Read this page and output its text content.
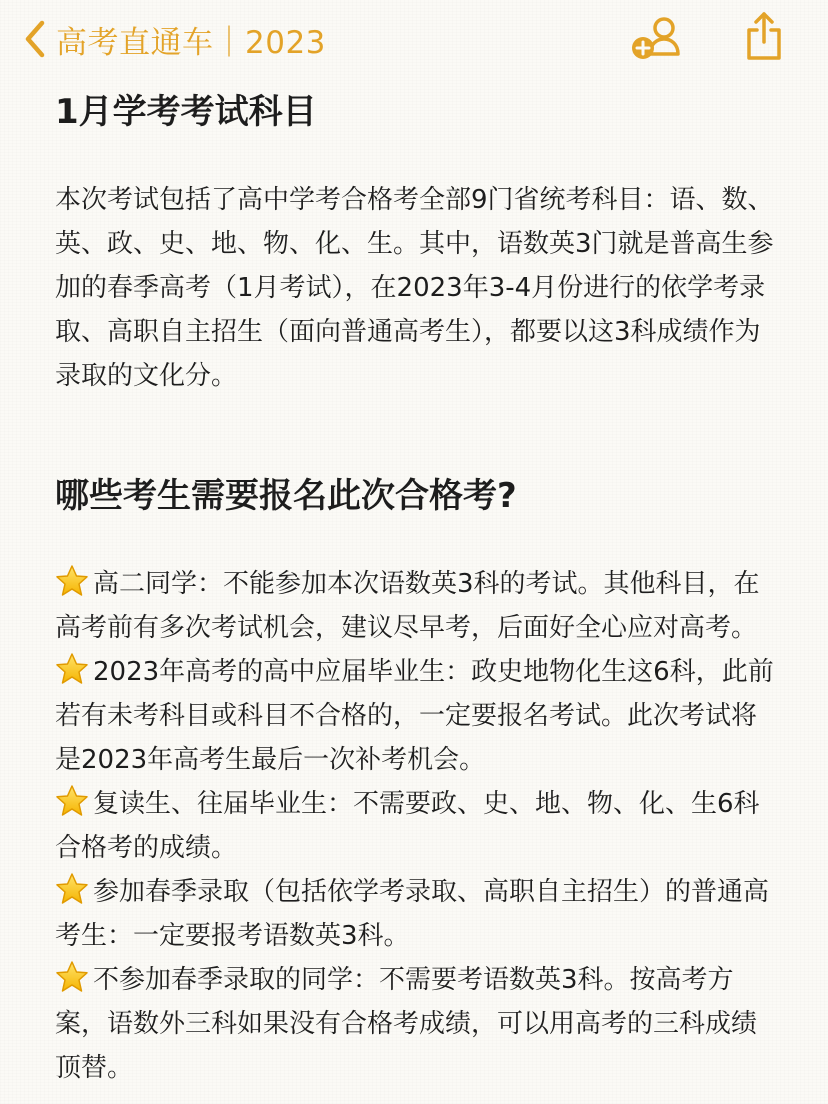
高考直通车｜2023
1月学考考试科目

本次考试包括了高中学考合格考全部9门省统考科目：语、数、英、政、史、地、物、化、生。其中，语数英3门就是普高生参加的春季高考（1月考试），在2023年3-4月份进行的依学考录取、高职自主招生（面向普通高考生），都要以这3科成绩作为录取的文化分。

哪些考生需要报名此次合格考?

高二同学：不能参加本次语数英3科的考试。其他科目，在高考前有多次考试机会，建议尽早考，后面好全心应对高考。

2023年高考的高中应届毕业生：政史地物化生这6科，此前若有未考科目或科目不合格的，一定要报名考试。此次考试将是2023年高考生最后一次补考机会。

复读生、往届毕业生：不需要政、史、地、物、化、生6科合格考的成绩。

参加春季录取（包括依学考录取、高职自主招生）的普通高考生：一定要报考语数英3科。

不参加春季录取的同学：不需要考语数英3科。按高考方案，语数外三科如果没有合格考成绩，可以用高考的三科成绩顶替。
